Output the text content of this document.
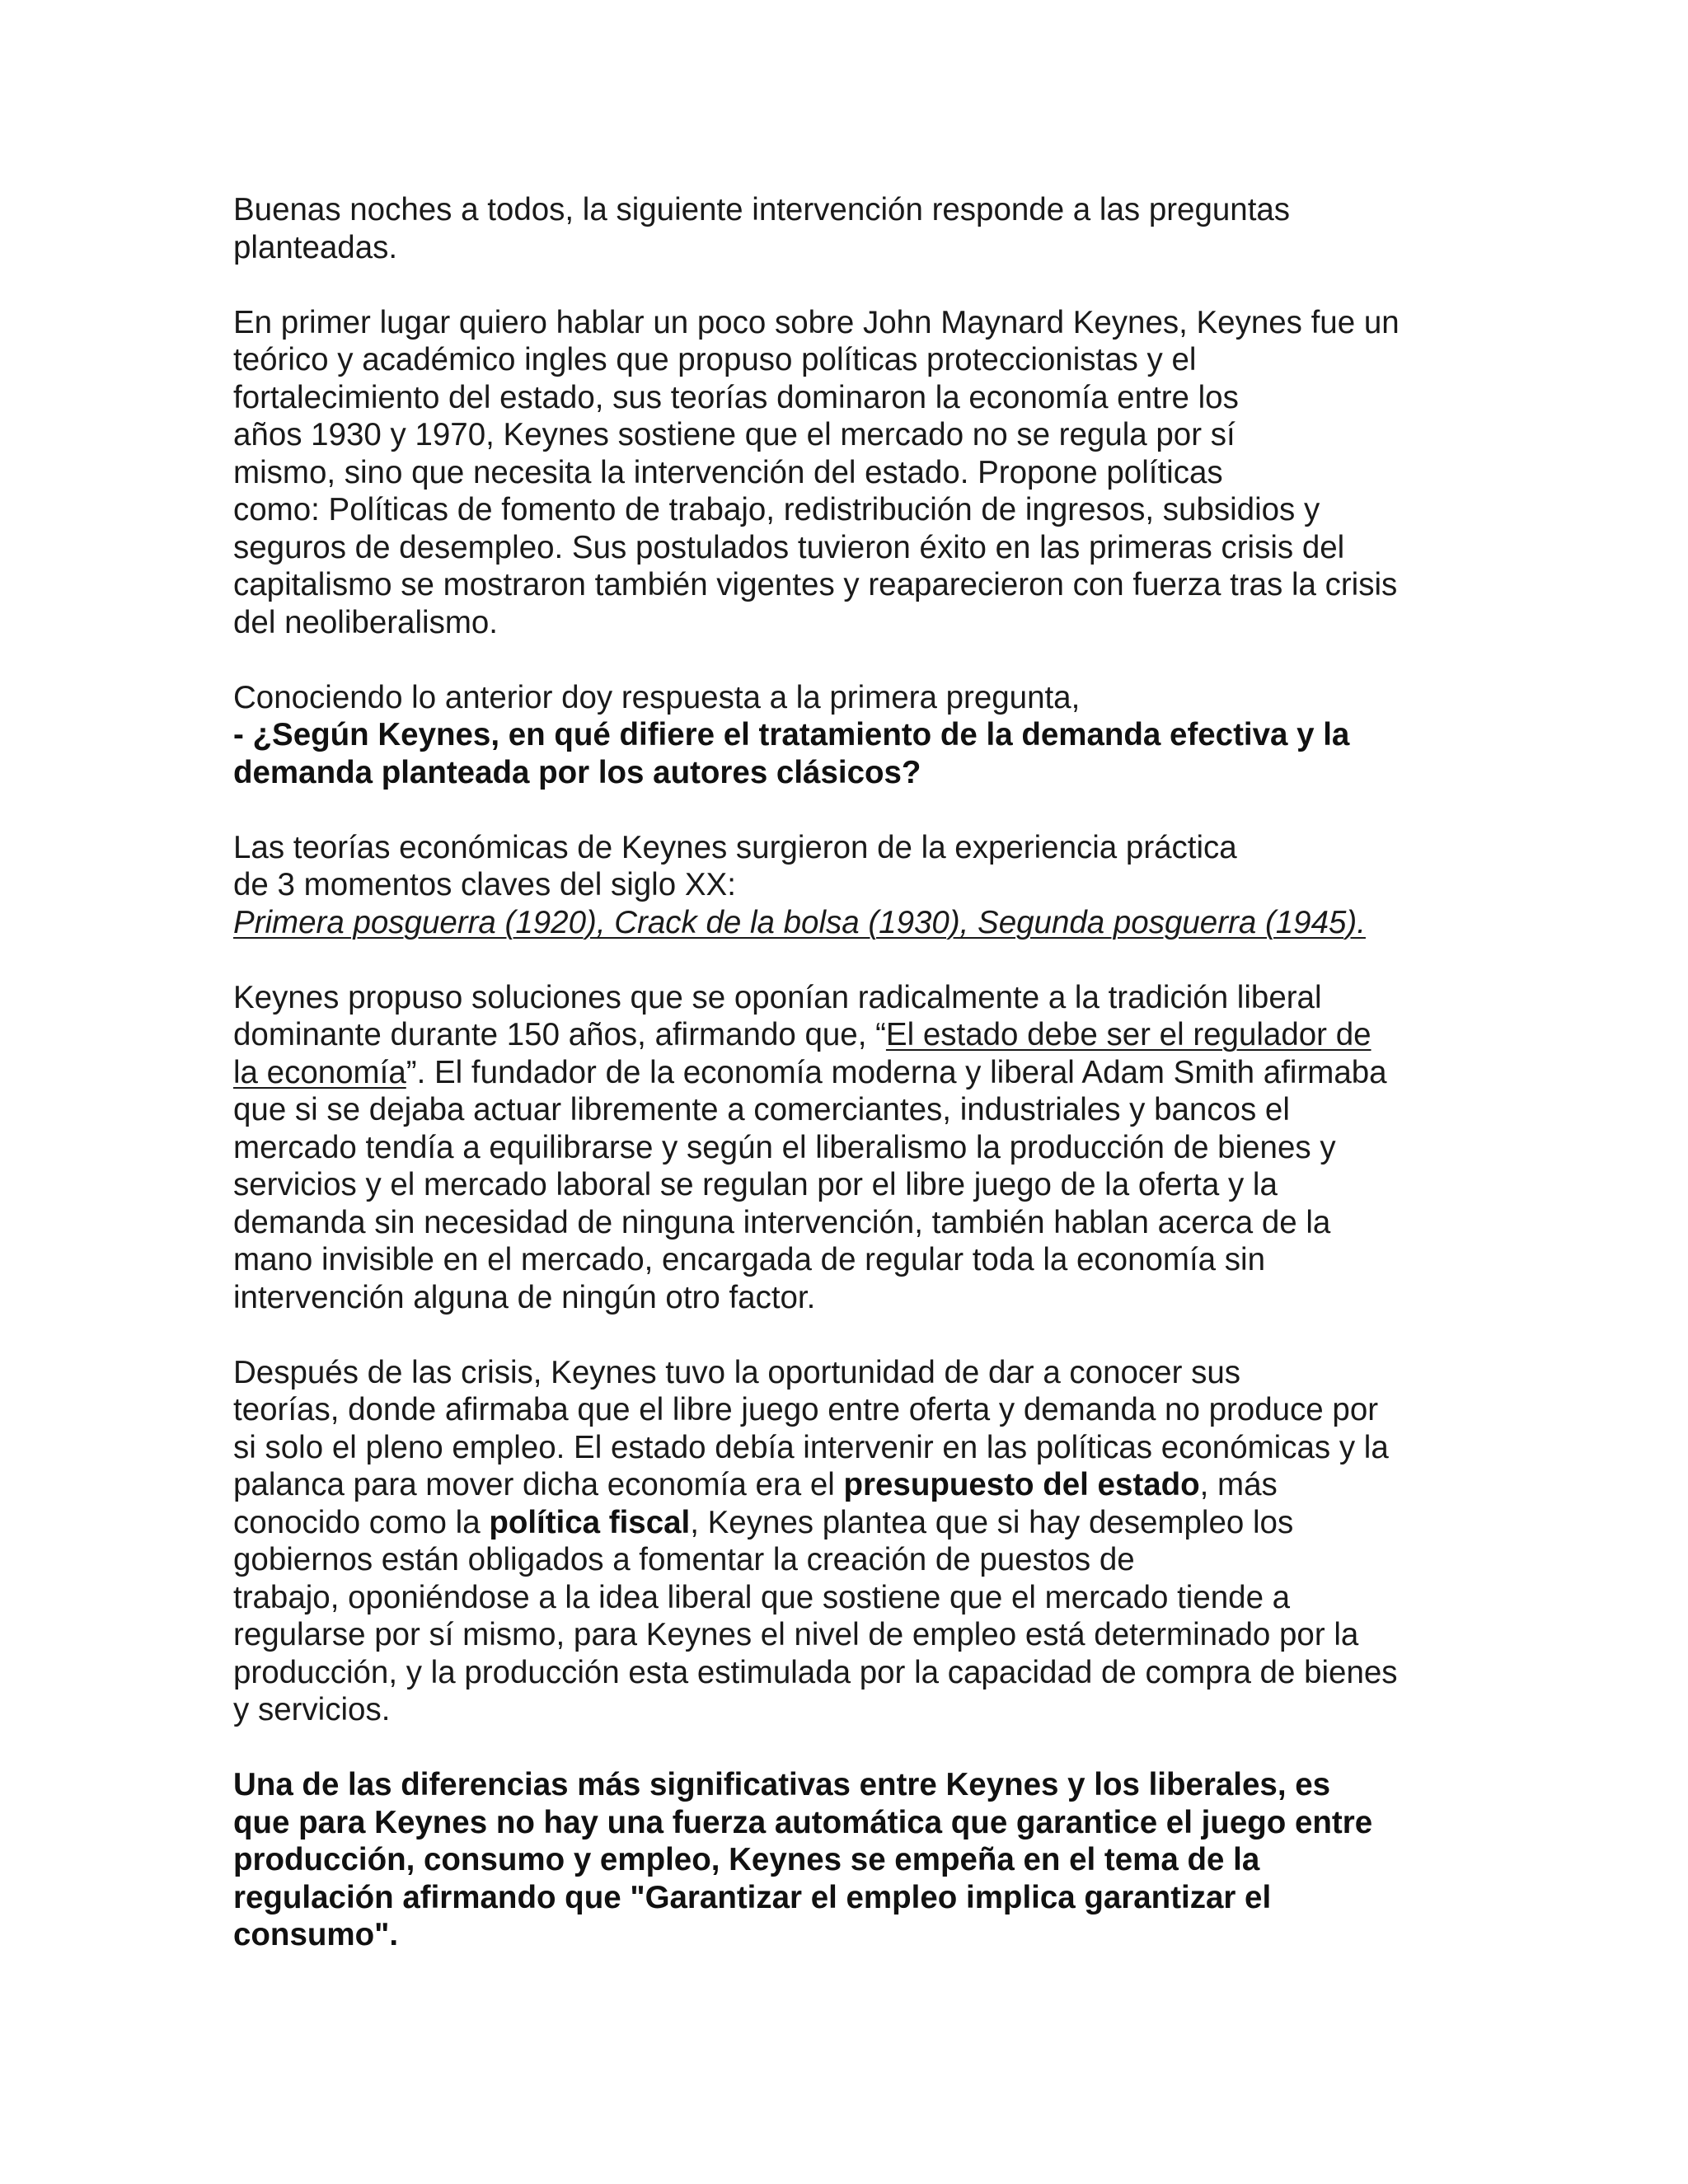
Buenas noches a todos, la siguiente intervención responde a las preguntas
planteadas.
En primer lugar quiero hablar un poco sobre John Maynard Keynes, Keynes fue un
teórico y académico ingles que propuso políticas proteccionistas y el
fortalecimiento del estado, sus teorías dominaron la economía entre los
años 1930 y 1970, Keynes sostiene que el mercado no se regula por sí
mismo, sino que necesita la intervención del estado. Propone políticas
como: Políticas de fomento de trabajo, redistribución de ingresos, subsidios y
seguros de desempleo. Sus postulados tuvieron éxito en las primeras crisis del
capitalismo se mostraron también vigentes y reaparecieron con fuerza tras la crisis
del neoliberalismo.
Conociendo lo anterior doy respuesta a la primera pregunta,
- ¿Según Keynes, en qué difiere el tratamiento de la demanda efectiva y la
demanda planteada por los autores clásicos?
Las teorías económicas de Keynes surgieron de la experiencia práctica
de 3 momentos claves del siglo XX:
Primera posguerra (1920), Crack de la bolsa (1930), Segunda posguerra (1945).
Keynes propuso soluciones que se oponían radicalmente a la tradición liberal
dominante durante 150 años, afirmando que, “El estado debe ser el regulador de
la economía”. El fundador de la economía moderna y liberal Adam Smith afirmaba
que si se dejaba actuar libremente a comerciantes, industriales y bancos el
mercado tendía a equilibrarse y según el liberalismo la producción de bienes y
servicios y el mercado laboral se regulan por el libre juego de la oferta y la
demanda sin necesidad de ninguna intervención, también hablan acerca de la
mano invisible en el mercado, encargada de regular toda la economía sin
intervención alguna de ningún otro factor.
Después de las crisis, Keynes tuvo la oportunidad de dar a conocer sus
teorías, donde afirmaba que el libre juego entre oferta y demanda no produce por
si solo el pleno empleo. El estado debía intervenir en las políticas económicas y la
palanca para mover dicha economía era el presupuesto del estado, más
conocido como la política fiscal, Keynes plantea que si hay desempleo los
gobiernos están obligados a fomentar la creación de puestos de
trabajo, oponiéndose a la idea liberal que sostiene que el mercado tiende a
regularse por sí mismo, para Keynes el nivel de empleo está determinado por la
producción, y la producción esta estimulada por la capacidad de compra de bienes
y servicios.
Una de las diferencias más significativas entre Keynes y los liberales, es
que para Keynes no hay una fuerza automática que garantice el juego entre
producción, consumo y empleo, Keynes se empeña en el tema de la
regulación afirmando que "Garantizar el empleo implica garantizar el
consumo".
